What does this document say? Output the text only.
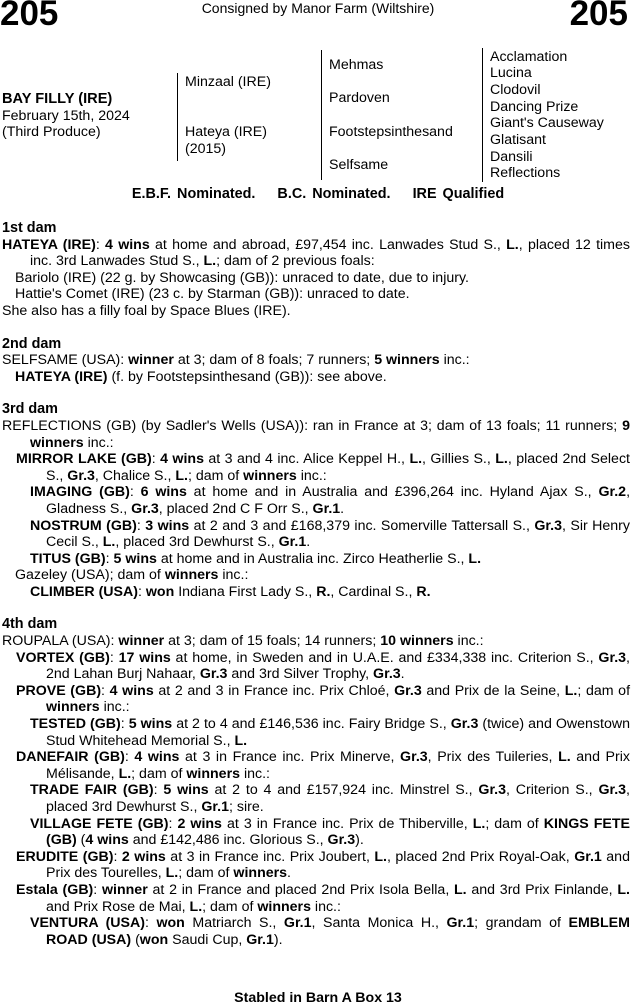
205	Consigned by Manor Farm (Wiltshire)	205
BAY FILLY (IRE)
February 15th, 2024
(Third Produce)
Minzaal (IRE)
Hateya (IRE)
(2015)
Mehmas
Pardoven
Footstepsinthesand
Selfsame
Acclamation
Lucina
Clodovil
Dancing Prize
Giant's Causeway
Glatisant
Dansili
Reflections
E.B.F. Nominated. B.C. Nominated. IRE Qualified
1st dam
HATEYA (IRE): 4 wins at home and abroad, £97,454 inc. Lanwades Stud S., L., placed 12 times inc. 3rd Lanwades Stud S., L.; dam of 2 previous foals:
Bariolo (IRE) (22 g. by Showcasing (GB)): unraced to date, due to injury.
Hattie's Comet (IRE) (23 c. by Starman (GB)): unraced to date.
She also has a filly foal by Space Blues (IRE).
2nd dam
SELFSAME (USA): winner at 3; dam of 8 foals; 7 runners; 5 winners inc.:
HATEYA (IRE) (f. by Footstepsinthesand (GB)): see above.
3rd dam
REFLECTIONS (GB) (by Sadler's Wells (USA)): ran in France at 3; dam of 13 foals; 11 runners; 9 winners inc.:
MIRROR LAKE (GB): 4 wins at 3 and 4 inc. Alice Keppel H., L., Gillies S., L., placed 2nd Select S., Gr.3, Chalice S., L.; dam of winners inc.:
IMAGING (GB): 6 wins at home and in Australia and £396,264 inc. Hyland Ajax S., Gr.2, Gladness S., Gr.3, placed 2nd C F Orr S., Gr.1.
NOSTRUM (GB): 3 wins at 2 and 3 and £168,379 inc. Somerville Tattersall S., Gr.3, Sir Henry Cecil S., L., placed 3rd Dewhurst S., Gr.1.
TITUS (GB): 5 wins at home and in Australia inc. Zirco Heatherlie S., L.
Gazeley (USA); dam of winners inc.:
CLIMBER (USA): won Indiana First Lady S., R., Cardinal S., R.
4th dam
ROUPALA (USA): winner at 3; dam of 15 foals; 14 runners; 10 winners inc.:
VORTEX (GB): 17 wins at home, in Sweden and in U.A.E. and £334,338 inc. Criterion S., Gr.3, 2nd Lahan Burj Nahaar, Gr.3 and 3rd Silver Trophy, Gr.3.
PROVE (GB): 4 wins at 2 and 3 in France inc. Prix Chloé, Gr.3 and Prix de la Seine, L.; dam of winners inc.:
TESTED (GB): 5 wins at 2 to 4 and £146,536 inc. Fairy Bridge S., Gr.3 (twice) and Owenstown Stud Whitehead Memorial S., L.
DANEFAIR (GB): 4 wins at 3 in France inc. Prix Minerve, Gr.3, Prix des Tuileries, L. and Prix Mélisande, L.; dam of winners inc.:
TRADE FAIR (GB): 5 wins at 2 to 4 and £157,924 inc. Minstrel S., Gr.3, Criterion S., Gr.3, placed 3rd Dewhurst S., Gr.1; sire.
VILLAGE FETE (GB): 2 wins at 3 in France inc. Prix de Thiberville, L.; dam of KINGS FETE (GB) (4 wins and £142,486 inc. Glorious S., Gr.3).
ERUDITE (GB): 2 wins at 3 in France inc. Prix Joubert, L., placed 2nd Prix Royal-Oak, Gr.1 and Prix des Tourelles, L.; dam of winners.
Estala (GB): winner at 2 in France and placed 2nd Prix Isola Bella, L. and 3rd Prix Finlande, L. and Prix Rose de Mai, L.; dam of winners inc.:
VENTURA (USA): won Matriarch S., Gr.1, Santa Monica H., Gr.1; grandam of EMBLEM ROAD (USA) (won Saudi Cup, Gr.1).
Stabled in Barn A Box 13
